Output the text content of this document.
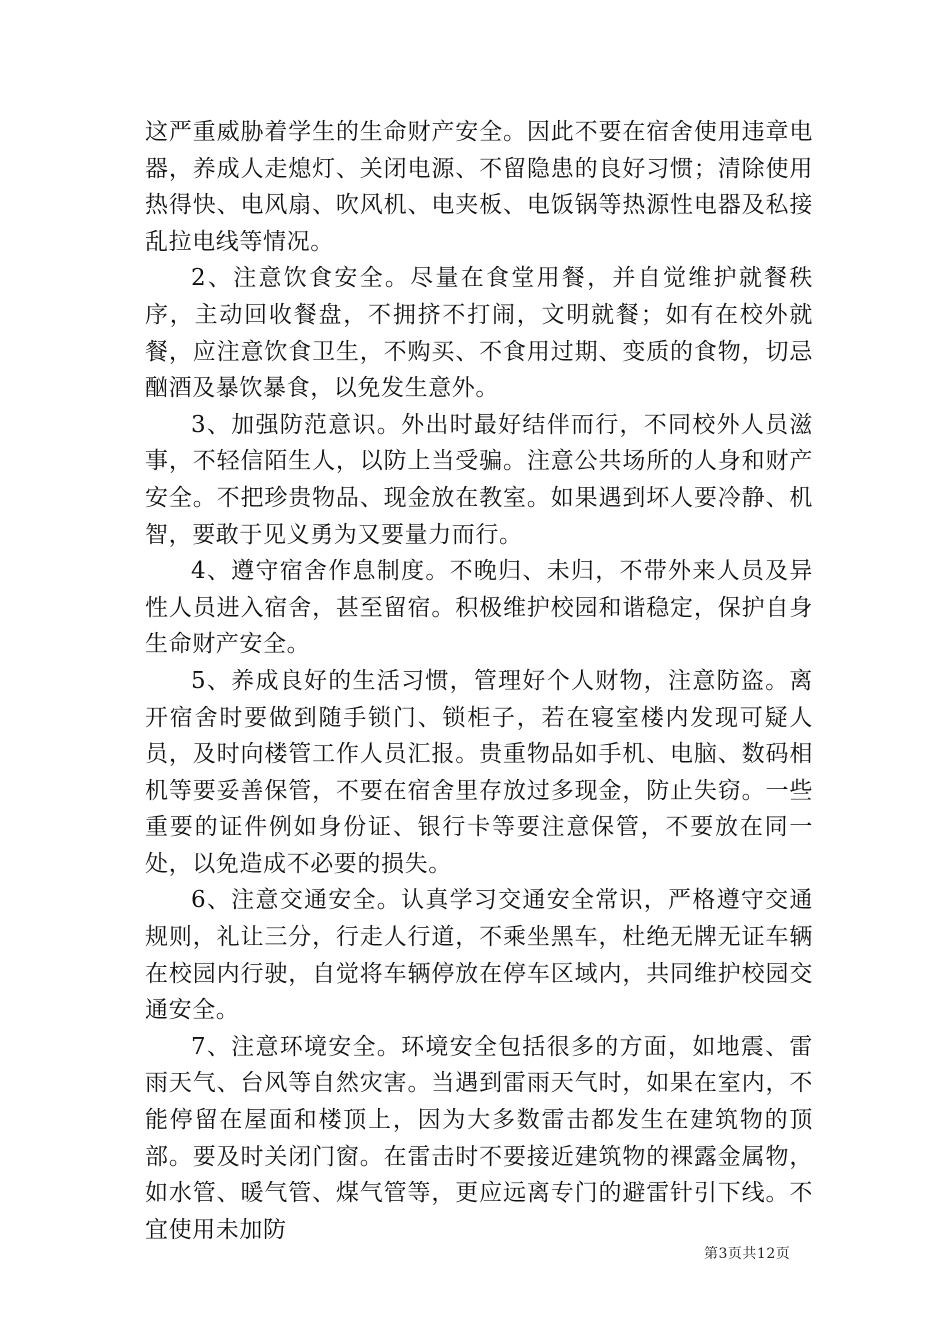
这严重威胁着学生的生命财产安全。因此不要在宿舍使用违章电器，养成人走熄灯、关闭电源、不留隐患的良好习惯；清除使用热得快、电风扇、吹风机、电夹板、电饭锅等热源性电器及私接乱拉电线等情况。

2、注意饮食安全。尽量在食堂用餐，并自觉维护就餐秩序，主动回收餐盘，不拥挤不打闹，文明就餐；如有在校外就餐，应注意饮食卫生，不购买、不食用过期、变质的食物，切忌酗酒及暴饮暴食，以免发生意外。

3、加强防范意识。外出时最好结伴而行，不同校外人员滋事，不轻信陌生人，以防上当受骗。注意公共场所的人身和财产安全。不把珍贵物品、现金放在教室。如果遇到坏人要冷静、机智，要敢于见义勇为又要量力而行。

4、遵守宿舍作息制度。不晚归、未归，不带外来人员及异性人员进入宿舍，甚至留宿。积极维护校园和谐稳定，保护自身生命财产安全。

5、养成良好的生活习惯，管理好个人财物，注意防盗。离开宿舍时要做到随手锁门、锁柜子，若在寝室楼内发现可疑人员，及时向楼管工作人员汇报。贵重物品如手机、电脑、数码相机等要妥善保管，不要在宿舍里存放过多现金，防止失窃。一些重要的证件例如身份证、银行卡等要注意保管，不要放在同一处，以免造成不必要的损失。

6、注意交通安全。认真学习交通安全常识，严格遵守交通规则，礼让三分，行走人行道，不乘坐黑车，杜绝无牌无证车辆在校园内行驶，自觉将车辆停放在停车区域内，共同维护校园交通安全。

7、注意环境安全。环境安全包括很多的方面，如地震、雷雨天气、台风等自然灾害。当遇到雷雨天气时，如果在室内，不能停留在屋面和楼顶上，因为大多数雷击都发生在建筑物的顶部。要及时关闭门窗。在雷击时不要接近建筑物的裸露金属物，如水管、暖气管、煤气管等，更应远离专门的避雷针引下线。不宜使用未加防

第3页共12页
